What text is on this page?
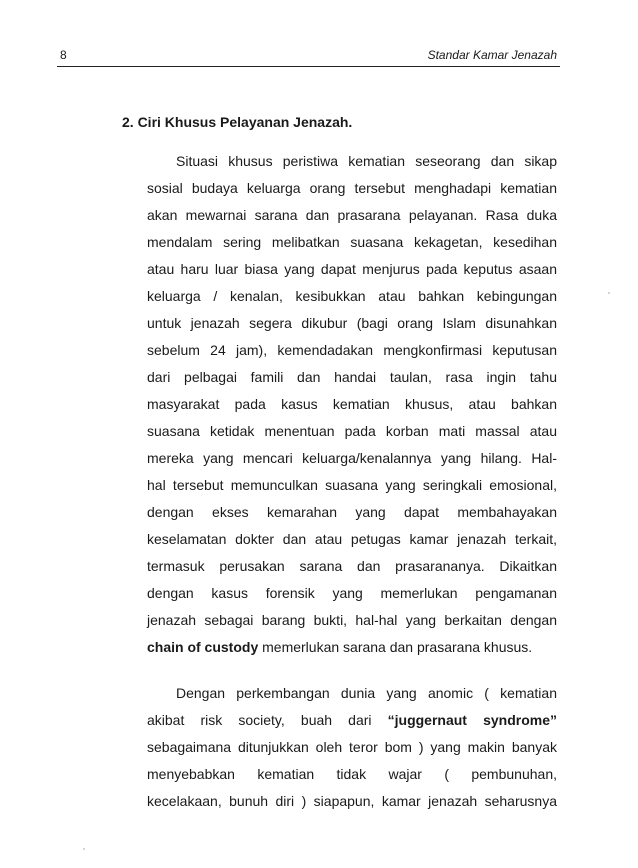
8	Standar Kamar Jenazah
2. Ciri Khusus Pelayanan Jenazah.
Situasi khusus peristiwa kematian seseorang dan sikap
sosial budaya keluarga orang tersebut menghadapi kematian
akan mewarnai sarana dan prasarana pelayanan. Rasa duka
mendalam sering melibatkan suasana kekagetan, kesedihan
atau haru luar biasa yang dapat menjurus pada keputus asaan
keluarga / kenalan, kesibukkan atau bahkan kebingungan
untuk jenazah segera dikubur (bagi orang Islam disunahkan
sebelum 24 jam), kemendadakan mengkonfirmasi keputusan
dari pelbagai famili dan handai taulan, rasa ingin tahu
masyarakat pada kasus kematian khusus, atau bahkan
suasana ketidak menentuan pada korban mati massal atau
mereka yang mencari keluarga/kenalannya yang hilang. Hal-
hal tersebut memunculkan suasana yang seringkali emosional,
dengan ekses kemarahan yang dapat membahayakan
keselamatan dokter dan atau petugas kamar jenazah terkait,
termasuk perusakan sarana dan prasarananya. Dikaitkan
dengan kasus forensik yang memerlukan pengamanan
jenazah sebagai barang bukti, hal-hal yang berkaitan dengan
chain of custody memerlukan sarana dan prasarana khusus.
Dengan perkembangan dunia yang anomic ( kematian
akibat risk society, buah dari “juggernaut syndrome”
sebagaimana ditunjukkan oleh teror bom ) yang makin banyak
menyebabkan kematian tidak wajar ( pembunuhan,
kecelakaan, bunuh diri ) siapapun, kamar jenazah seharusnya
